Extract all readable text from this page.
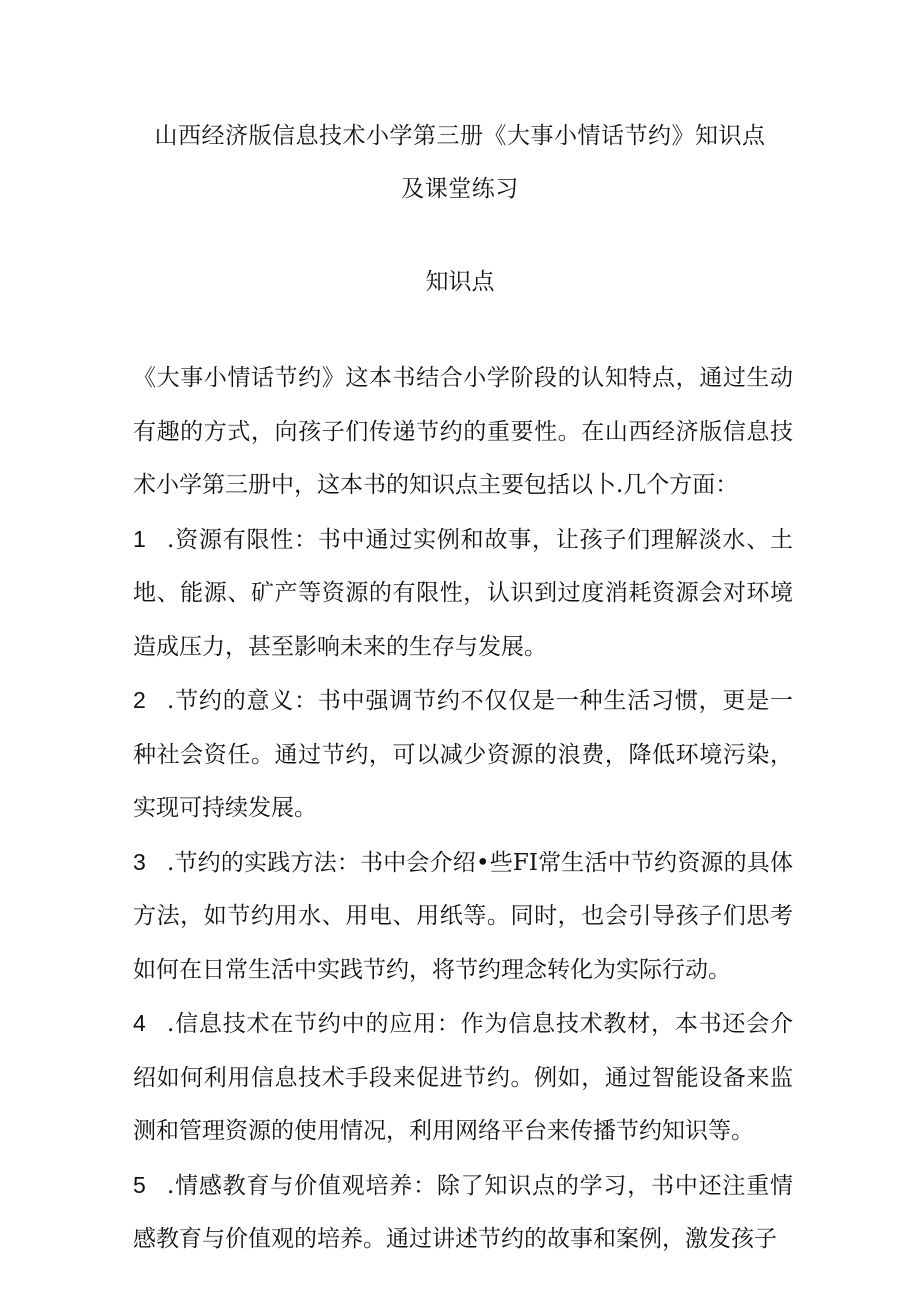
山西经济版信息技术小学第三册《大事小情话节约》知识点
及课堂练习
知识点

《大事小情话节约》这本书结合小学阶段的认知特点，通过生动有趣的方式，向孩子们传递节约的重要性。在山西经济版信息技术小学第三册中，这本书的知识点主要包括以卜.几个方面：

1 .资源有限性：书中通过实例和故事，让孩子们理解淡水、土地、能源、矿产等资源的有限性，认识到过度消耗资源会对环境造成压力，甚至影响未来的生存与发展。

2 .节约的意义：书中强调节约不仅仅是一种生活习惯，更是一种社会资任。通过节约，可以减少资源的浪费，降低环境污染，实现可持续发展。

3 .节约的实践方法：书中会介绍•些FI常生活中节约资源的具体方法，如节约用水、用电、用纸等。同时，也会引导孩子们思考如何在日常生活中实践节约，将节约理念转化为实际行动。

4 .信息技术在节约中的应用：作为信息技术教材，本书还会介绍如何利用信息技术手段来促进节约。例如，通过智能设备来监测和管理资源的使用情况，利用网络平台来传播节约知识等。

5 .情感教育与价值观培养：除了知识点的学习，书中还注重情感教育与价值观的培养。通过讲述节约的故事和案例，激发孩子
